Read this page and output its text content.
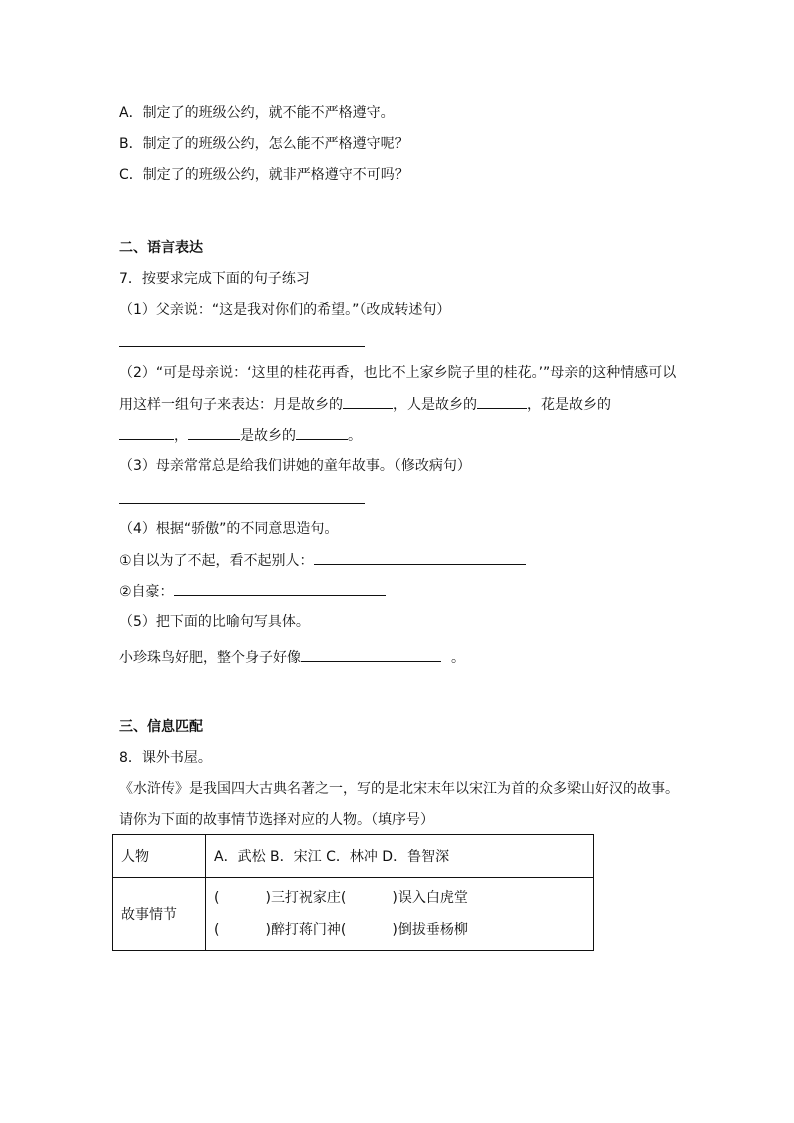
A．制定了的班级公约，就不能不严格遵守。
B．制定了的班级公约，怎么能不严格遵守呢？
C．制定了的班级公约，就非严格遵守不可吗？
二、语言表达
7．按要求完成下面的句子练习
（1）父亲说：“这是我对你们的希望。”（改成转述句）
（2）“可是母亲说：‘这里的桂花再香，也比不上家乡院子里的桂花。’”母亲的这种情感可以
用这样一组句子来表达：月是故乡的	，人是故乡的	，花是故乡的
，	是故乡的	。
（3）母亲常常总是给我们讲她的童年故事。（修改病句）
（4）根据“骄傲”的不同意思造句。
①自以为了不起，看不起别人：
②自豪：
（5）把下面的比喻句写具体。
小珍珠鸟好肥，整个身子好像	。
三、信息匹配
8．课外书屋。
《水浒传》是我国四大古典名著之一，写的是北宋末年以宋江为首的众多梁山好汉的故事。
请你为下面的故事情节选择对应的人物。（填序号）
人物	A．武松 B．宋江 C．林冲 D．鲁智深
故事情节	( )三打祝家庄( )误入白虎堂
( )醉打蒋门神( )倒拔垂杨柳
